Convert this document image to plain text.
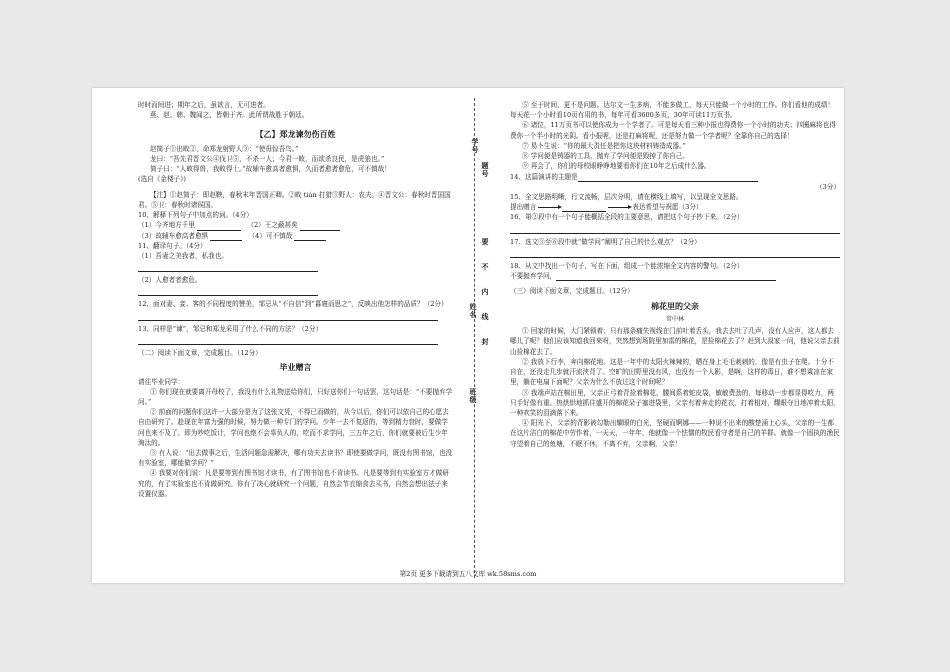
时时而间进；期年之后，虽欲言，无可进者。

燕、赵、韩、魏闻之，皆朝于齐。此所谓战胜于朝廷。

【乙】郑龙谏勿伤百姓

赵简子①出畋②，命郑龙射野人③：“使毋惊吾鸟。”

龙曰：“吾先君晋文公④伐卫⑤，不杀一人；今君一畋，而欲杀良民，是虎狼也。”

简子曰：“人畋得兽，我畋得士。”故辅车愈高者愈惧，久而者愈者愈危，可不慎哉！

(选自《金楼子》)

【注】①赵简子：即赵鞅，春秋末年晋国正卿。②畋 tián 打猎③野人：农夫。④晋文公：春秋时晋国国君。⑤卫：春秋时诸侯国。

10、解释下列句子中加点的词。（4分）

（1）今齐地方千里	（2）王之蔽甚矣

（3）故辅车愈高者愈惧	（4）可不慎哉

11、翻译句子。（4分）

（1）吾妻之美我者，私我也。

（2）人愈者者愈危。

12、面对妻、妾、客的不同程度的赞美，邹忌从“不自信”到“暮寝而思之”，反映出他怎样的品质？（2分）

13、同样是“谏”，邹忌和郑龙采用了什么不同的方法？（2分）

（二）阅读下面文章，完成题目。（12分）

毕业赠言

请往毕业同学：

① 你们现在就要离开母校了，我没有什么礼物送给你们，只好送你们一句话罢，这句话是：“不要抛弃学问。”

② 前面的问题你们这许一大部分是为了这张文凭，不得已而做的，从今以后，你们可以依自己的心愿去自由研究了。趁现在年富力强的时候，努力做一种专门的学问。少年一去不复返的，等到精力衰时，要做学问也来不及了。即为吵吃饭计，学问也绝不会辜负人的，吃而不求学问，三五年之后，你们就要被后生少年淘汰的。

③ 有人说：“出去做事之后，生活问题急需解决，哪有功夫去读书？即使要做学问，既没有图书馆，也没有实验室，哪能做学问？”

④ 我要对你们说：凡是要等到有图书馆才读书，有了图书馆也不肯读书。凡是要等到有实验室方才做研究的，有了实验室也不肯做研究。你有了决心就研究一个问题，自然会节衣缩食去买书，自然会想出法子来设置仪器。

学号
题号
要
不
内
线
封
姓名
班级

⑤ 至于时间，更不是问题。达尔文一生多病，不能多做工，每天只能做一个小时的工作。你们看他的成绩！每天花一个小时看10页有用的书，每年可看3600多页，30年可读11万页书。

⑥ 诸位，11万页书可以使你成为一个学者了。可是每天看三种小报也得费你一个小时的功夫；四圈麻将也得费你一个半小时的光阴。看小报呢，还是打麻将呢，还是努力做一个学者呢？全靠你自己的选择！

⑦ 易卜生说：“你的最大责任是把你这块材料铸造成器。”

⑧ 学问便是铸器的工具，抛弃了学问便是毁掉了你自己。

⑨ 再会了，你们的母校眼睁睁地要看你们在10年之后成什么器。

14、这篇演讲的主题是

（3分）

15、全文思路明晰，行文流畅，层次分明，请在横线上填写，以呈现全文思路。

提出赠言	表达希望与祝愿（3分）

16、第②段中有一个句子能概括全段的主要意思，请把这个句子抄下来。（2分）

17、选文③至⑥段中就“做学问”阐明了自己的什么观点？（2分）

18、从文中找出一个句子，写在下面，组成一个能浓缩全文内容的警句。（2分）

不要抛弃学问，

（三）阅读下面文章，完成题目。（12分）

棉花里的父亲
常中林

① 回家的时候，大门紧锁着；只有那条痛失视线在门前吐着舌头，我去去吐了几声，没有人应声，这人都去哪儿了呢？他们应该知道我回来呀，突然想到场院里加雷的棉花，是捡棉花去了？赶到大叔家一问，他说父亲去前山捡棉花去了。

② 我放下行李，奔向棉花地。这是一年中的太阳火辣辣的，晒在身上毛毛刺刺的，像是有虫子在爬。十分不自在，还没走几步就汗流浃背了。空旷的田野里没有风，也没有一个人影，是啊，这样的毒日，谁不想乘凉在家里，躺在电扇下面呢？父亲为什么不放过这个时间呢？

③ 我端声站在棉田里，父亲正弓着背捡着棉花，腰间系着蛇皮袋，敏敏费劲的，每移动一步都显得吃力，两只手好像有重。热烘烘地抓住盛开的棉花朵子塞进袋里，父亲有着奔走的花衣，打着相对，耀眼夺目地冲着太阳，一种欢笑的泪滴落下来。

④ 阳光下，父亲的背影被勾勒出耀眼的白光，坚硬而婀娜——一种说不出来的酸楚涌上心头，父亲的一生都在这片洁白的棉花中劳作着，一天天，一年年，他就像一个怯懦的牧民看守者是自己的羊群。就像一个固执的渔民守望着自己的鱼塘，不眠不休，不离不弃，父亲啊，父亲！

第2页 更多下载请到五八文库 wk.58sms.com
